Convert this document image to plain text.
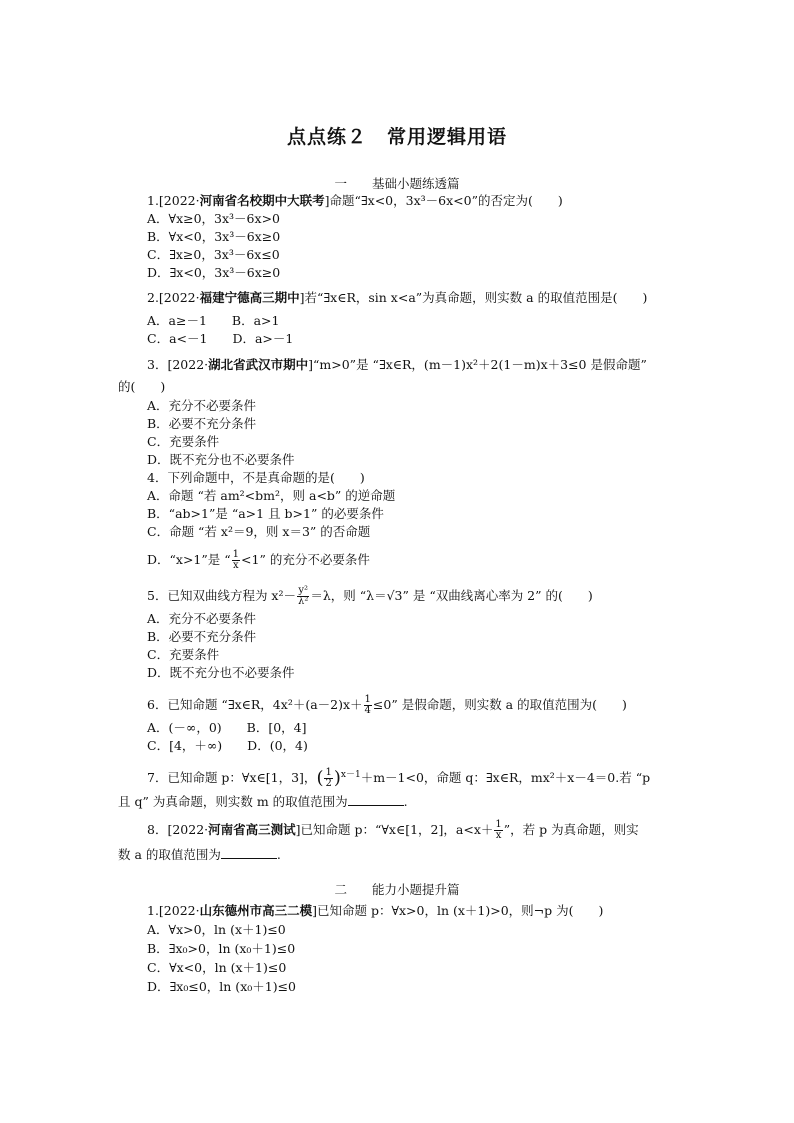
点点练２　常用逻辑用语
一　　基础小题练透篇
1.[2022·河南省名校期中大联考]命题“∃x<0，3x³－6x<0”的否定为(　　)
A．∀x≥0，3x³－6x>0
B．∀x<0，3x³－6x≥0
C．∃x≥0，3x³－6x≤0
D．∃x<0，3x³－6x≥0
2.[2022·福建宁德高三期中]若“∃x∈R，sin x<a”为真命题，则实数 a 的取值范围是(　　)
A．a≥－1　　B．a>1
C．a<－1　　D．a>－1
3．[2022·湖北省武汉市期中]“m>0”是 “∃x∈R，(m－1)x²＋2(1－m)x＋3≤0 是假命题”
的(　　)
A．充分不必要条件
B．必要不充分条件
C．充要条件
D．既不充分也不必要条件
4．下列命题中，不是真命题的是(　　)
A．命题 “若 am²<bm²，则 a<b” 的逆命题
B．“ab>1”是 “a>1 且 b>1” 的必要条件
C．命题 “若 x²＝9，则 x＝3” 的否命题
D．“x>1”是 “ $\frac{1}{x} <1$” 的充分不必要条件
5．已知双曲线方程为 $x^2- \frac{\text{y²}}{\text{λ²}} =\lambda$，则 “λ＝√3” 是 “双曲线离心率为 2” 的(　　)
A．充分不必要条件
B．必要不充分条件
C．充要条件
D．既不充分也不必要条件
6．已知命题 “∃x∈R，$4x^2+(a-2)x+ \frac{1}{4} \le 0$” 是假命题，则实数 a 的取值范围为(　　)
A．(－∞，0)　　B．[0，4]
C．[4，＋∞)　　D．(0，4)
7．已知命题 p：∀x∈[1，3]，( $\frac{1}{2} )^{x-1}+m-1<0$，命题 q：∃x∈R，mx²＋x－4＝0.若 “p
且 q” 为真命题，则实数 m 的取值范围为	.
8．[2022·河南省高三测试]已知命题 p：“∀x∈[1，2]，$a<x+ \frac{1}{x}$ ”，若 p 为真命题，则实
数 a 的取值范围为	.
二　　能力小题提升篇
1.[2022·山东德州市高三二模]已知命题 p：∀x>0，ln (x＋1)>0，则¬p 为(　　)
A．∀x>0，ln (x＋1)≤0
B．∃x₀>0，ln (x₀＋1)≤0
C．∀x<0，ln (x＋1)≤0
D．∃x₀≤0，ln (x₀＋1)≤0
